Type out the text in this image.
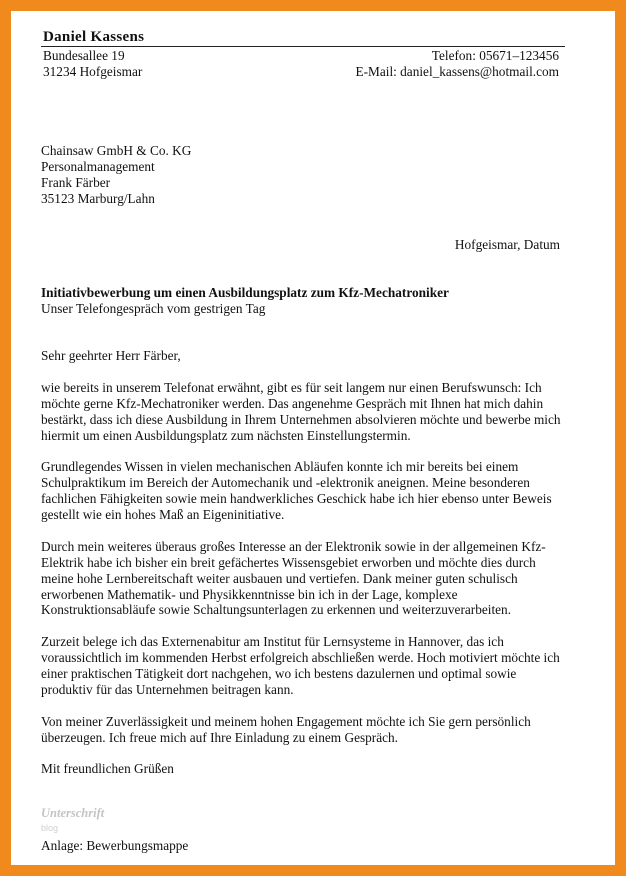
Daniel Kassens
Bundesallee 19
31234 Hofgeismar
Telefon: 05671–123456
E-Mail: daniel_kassens@hotmail.com
Chainsaw GmbH & Co. KG
Personalmanagement
Frank Färber
35123 Marburg/Lahn
Hofgeismar, Datum
Initiativbewerbung um einen Ausbildungsplatz zum Kfz-Mechatroniker
Unser Telefongespräch vom gestrigen Tag

Sehr geehrter Herr Färber,

wie bereits in unserem Telefonat erwähnt, gibt es für seit langem nur einen Berufswunsch: Ich möchte gerne Kfz-Mechatroniker werden. Das angenehme Gespräch mit Ihnen hat mich dahin bestärkt, dass ich diese Ausbildung in Ihrem Unternehmen absolvieren möchte und bewerbe mich hiermit um einen Ausbildungsplatz zum nächsten Einstellungstermin.

Grundlegendes Wissen in vielen mechanischen Abläufen konnte ich mir bereits bei einem Schulpraktikum im Bereich der Automechanik und -elektronik aneignen. Meine besonderen fachlichen Fähigkeiten sowie mein handwerkliches Geschick habe ich hier ebenso unter Beweis gestellt wie ein hohes Maß an Eigeninitiative.

Durch mein weiteres überaus großes Interesse an der Elektronik sowie in der allgemeinen Kfz-Elektrik habe ich bisher ein breit gefächertes Wissensgebiet erworben und möchte dies durch meine hohe Lernbereitschaft weiter ausbauen und vertiefen. Dank meiner guten schulisch erworbenen Mathematik- und Physikkenntnisse bin ich in der Lage, komplexe Konstruktionsabläufe sowie Schaltungsunterlagen zu erkennen und weiterzuverarbeiten.

Zurzeit belege ich das Externenabitur am Institut für Lernsysteme in Hannover, das ich voraussichtlich im kommenden Herbst erfolgreich abschließen werde. Hoch motiviert möchte ich einer praktischen Tätigkeit dort nachgehen, wo ich bestens dazulernen und optimal sowie produktiv für das Unternehmen beitragen kann.

Von meiner Zuverlässigkeit und meinem hohen Engagement möchte ich Sie gern persönlich überzeugen. Ich freue mich auf Ihre Einladung zu einem Gespräch.

Mit freundlichen Grüßen

Unterschrift
blog
Anlage: Bewerbungsmappe
